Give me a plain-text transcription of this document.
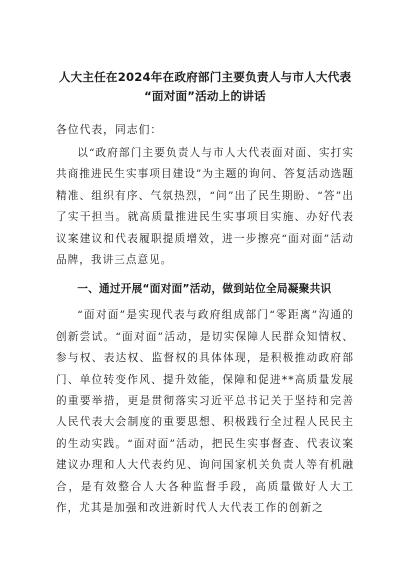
人大主任在2024年在政府部门主要负责人与市人大代表
“面对面”活动上的讲话

各位代表，同志们：

以“政府部门主要负责人与市人大代表面对面、实打实共商推进民生实事项目建设”为主题的询问、答复活动选题精准、组织有序、气氛热烈，“问”出了民生期盼、“答”出了实干担当。就高质量推进民生实事项目实施、办好代表议案建议和代表履职提质增效，进一步擦亮“面对面”活动品牌，我讲三点意见。

一、通过开展“面对面”活动，做到站位全局凝聚共识

“面对面”是实现代表与政府组成部门“零距离”沟通的创新尝试。“面对面”活动，是切实保障人民群众知情权、参与权、表达权、监督权的具体体现，是积极推动政府部门、单位转变作风、提升效能，保障和促进**高质量发展的重要举措，更是贯彻落实习近平总书记关于坚持和完善人民代表大会制度的重要思想、积极践行全过程人民民主的生动实践。“面对面”活动，把民生实事督查、代表议案建议办理和人大代表约见、询问国家机关负责人等有机融合，是有效整合人大各种监督手段，高质量做好人大工作，尤其是加强和改进新时代人大代表工作的创新之
